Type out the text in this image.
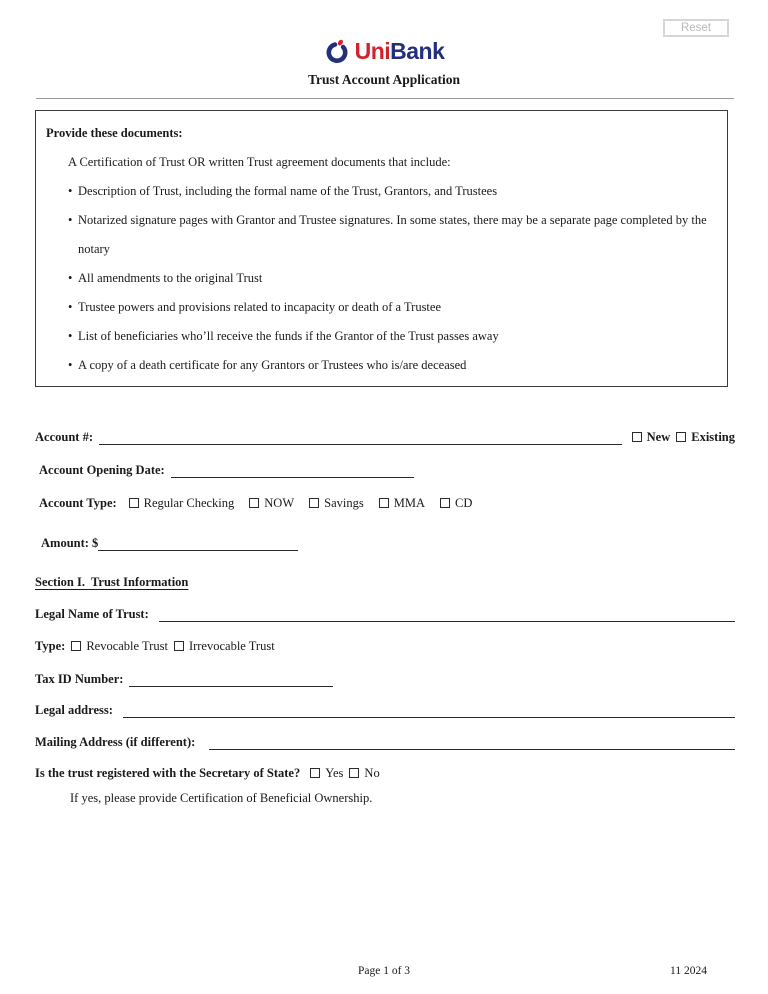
Reset
UniBank
Trust Account Application
Provide these documents:
A Certification of Trust OR written Trust agreement documents that include:
• Description of Trust, including the formal name of the Trust, Grantors, and Trustees
• Notarized signature pages with Grantor and Trustee signatures. In some states, there may be a separate page completed by the notary
• All amendments to the original Trust
• Trustee powers and provisions related to incapacity or death of a Trustee
• List of beneficiaries who’ll receive the funds if the Grantor of the Trust passes away
• A copy of a death certificate for any Grantors or Trustees who is/are deceased
Account #:	New Existing
Account Opening Date:
Account Type: Regular Checking NOW Savings MMA CD
Amount: $
Section I.  Trust Information
Legal Name of Trust:
Type: Revocable Trust Irrevocable Trust
Tax ID Number:
Legal address:
Mailing Address (if different):
Is the trust registered with the Secretary of State? Yes No
If yes, please provide Certification of Beneficial Ownership.
Page 1 of 3	11 2024
